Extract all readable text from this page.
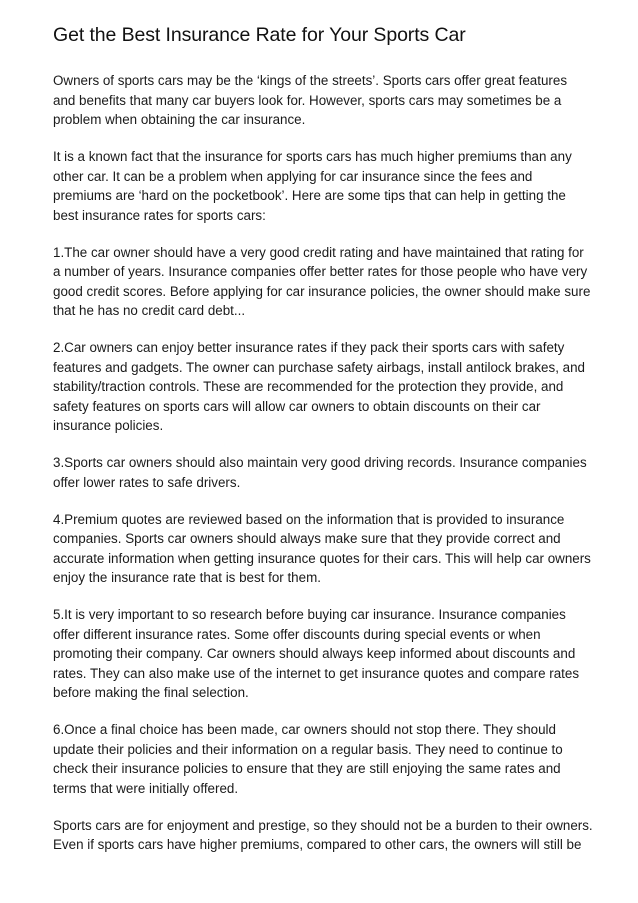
Get the Best Insurance Rate for Your Sports Car

Owners of sports cars may be the ‘kings of the streets’. Sports cars offer great features and benefits that many car buyers look for. However, sports cars may sometimes be a problem when obtaining the car insurance.

It is a known fact that the insurance for sports cars has much higher premiums than any other car. It can be a problem when applying for car insurance since the fees and premiums are ‘hard on the pocketbook’. Here are some tips that can help in getting the best insurance rates for sports cars:

1.The car owner should have a very good credit rating and have maintained that rating for a number of years. Insurance companies offer better rates for those people who have very good credit scores. Before applying for car insurance policies, the owner should make sure that he has no credit card debt...

2.Car owners can enjoy better insurance rates if they pack their sports cars with safety features and gadgets. The owner can purchase safety airbags, install antilock brakes, and stability/traction controls. These are recommended for the protection they provide, and safety features on sports cars will allow car owners to obtain discounts on their car insurance policies.

3.Sports car owners should also maintain very good driving records. Insurance companies offer lower rates to safe drivers.

4.Premium quotes are reviewed based on the information that is provided to insurance companies. Sports car owners should always make sure that they provide correct and accurate information when getting insurance quotes for their cars. This will help car owners enjoy the insurance rate that is best for them.

5.It is very important to so research before buying car insurance. Insurance companies offer different insurance rates. Some offer discounts during special events or when promoting their company. Car owners should always keep informed about discounts and rates. They can also make use of the internet to get insurance quotes and compare rates before making the final selection.

6.Once a final choice has been made, car owners should not stop there. They should update their policies and their information on a regular basis. They need to continue to check their insurance policies to ensure that they are still enjoying the same rates and terms that were initially offered.

Sports cars are for enjoyment and prestige, so they should not be a burden to their owners. Even if sports cars have higher premiums, compared to other cars, the owners will still be
